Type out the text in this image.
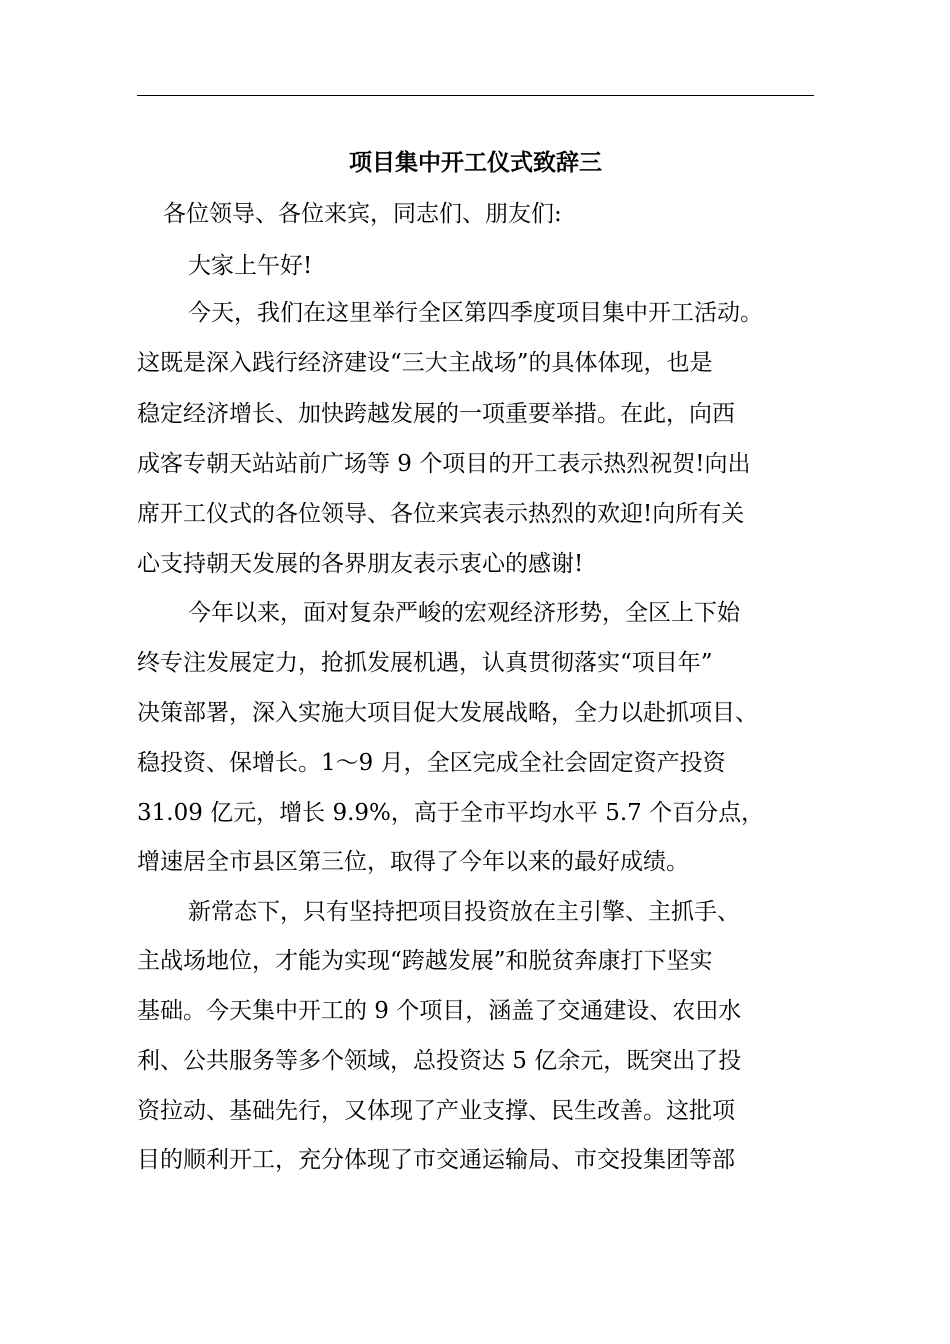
项目集中开工仪式致辞三
各位领导、各位来宾，同志们、朋友们:
大家上午好!
今天，我们在这里举行全区第四季度项目集中开工活动。
这既是深入践行经济建设“三大主战场”的具体体现，也是
稳定经济增长、加快跨越发展的一项重要举措。在此，向西
成客专朝天站站前广场等 9 个项目的开工表示热烈祝贺!向出
席开工仪式的各位领导、各位来宾表示热烈的欢迎!向所有关
心支持朝天发展的各界朋友表示衷心的感谢!
今年以来，面对复杂严峻的宏观经济形势，全区上下始
终专注发展定力，抢抓发展机遇，认真贯彻落实“项目年”
决策部署，深入实施大项目促大发展战略，全力以赴抓项目、
稳投资、保增长。1～9 月，全区完成全社会固定资产投资
31.09 亿元，增长 9.9%，高于全市平均水平 5.7 个百分点，
增速居全市县区第三位，取得了今年以来的最好成绩。
新常态下，只有坚持把项目投资放在主引擎、主抓手、
主战场地位，才能为实现“跨越发展”和脱贫奔康打下坚实
基础。今天集中开工的 9 个项目，涵盖了交通建设、农田水
利、公共服务等多个领域，总投资达 5 亿余元，既突出了投
资拉动、基础先行，又体现了产业支撑、民生改善。这批项
目的顺利开工，充分体现了市交通运输局、市交投集团等部
